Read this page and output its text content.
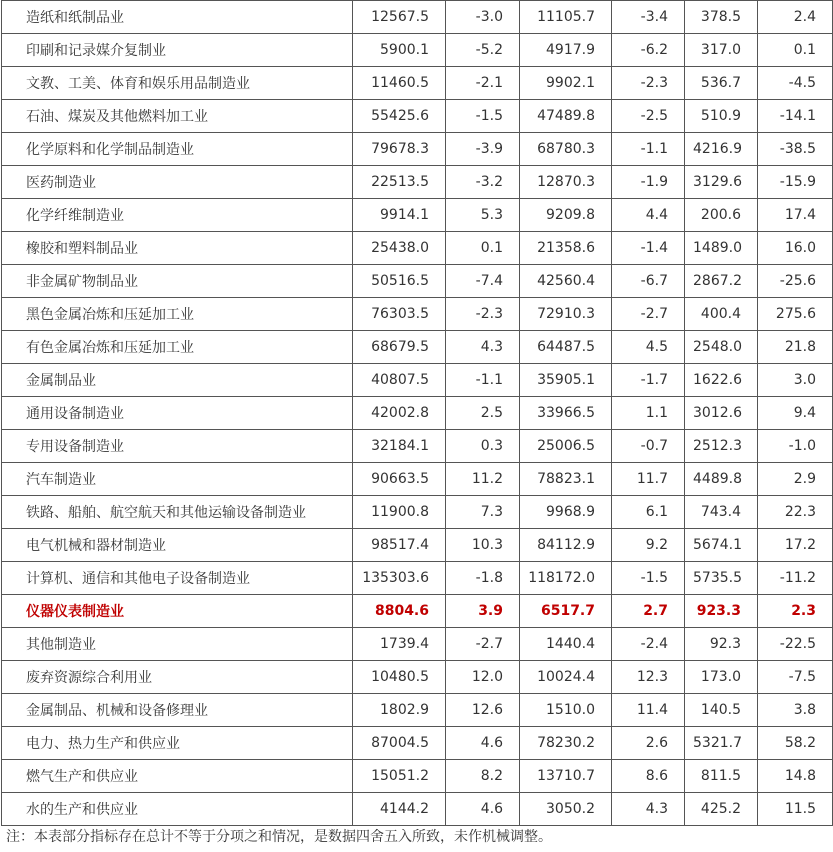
造纸和纸制品业	12567.5	-3.0	11105.7	-3.4	378.5	2.4
印刷和记录媒介复制业	5900.1	-5.2	4917.9	-6.2	317.0	0.1
文教、工美、体育和娱乐用品制造业	11460.5	-2.1	9902.1	-2.3	536.7	-4.5
石油、煤炭及其他燃料加工业	55425.6	-1.5	47489.8	-2.5	510.9	-14.1
化学原料和化学制品制造业	79678.3	-3.9	68780.3	-1.1	4216.9	-38.5
医药制造业	22513.5	-3.2	12870.3	-1.9	3129.6	-15.9
化学纤维制造业	9914.1	5.3	9209.8	4.4	200.6	17.4
橡胶和塑料制品业	25438.0	0.1	21358.6	-1.4	1489.0	16.0
非金属矿物制品业	50516.5	-7.4	42560.4	-6.7	2867.2	-25.6
黑色金属冶炼和压延加工业	76303.5	-2.3	72910.3	-2.7	400.4	275.6
有色金属冶炼和压延加工业	68679.5	4.3	64487.5	4.5	2548.0	21.8
金属制品业	40807.5	-1.1	35905.1	-1.7	1622.6	3.0
通用设备制造业	42002.8	2.5	33966.5	1.1	3012.6	9.4
专用设备制造业	32184.1	0.3	25006.5	-0.7	2512.3	-1.0
汽车制造业	90663.5	11.2	78823.1	11.7	4489.8	2.9
铁路、船舶、航空航天和其他运输设备制造业	11900.8	7.3	9968.9	6.1	743.4	22.3
电气机械和器材制造业	98517.4	10.3	84112.9	9.2	5674.1	17.2
计算机、通信和其他电子设备制造业	135303.6	-1.8	118172.0	-1.5	5735.5	-11.2
仪器仪表制造业	8804.6	3.9	6517.7	2.7	923.3	2.3
其他制造业	1739.4	-2.7	1440.4	-2.4	92.3	-22.5
废弃资源综合利用业	10480.5	12.0	10024.4	12.3	173.0	-7.5
金属制品、机械和设备修理业	1802.9	12.6	1510.0	11.4	140.5	3.8
电力、热力生产和供应业	87004.5	4.6	78230.2	2.6	5321.7	58.2
燃气生产和供应业	15051.2	8.2	13710.7	8.6	811.5	14.8
水的生产和供应业	4144.2	4.6	3050.2	4.3	425.2	11.5
注：本表部分指标存在总计不等于分项之和情况，是数据四舍五入所致，未作机械调整。
